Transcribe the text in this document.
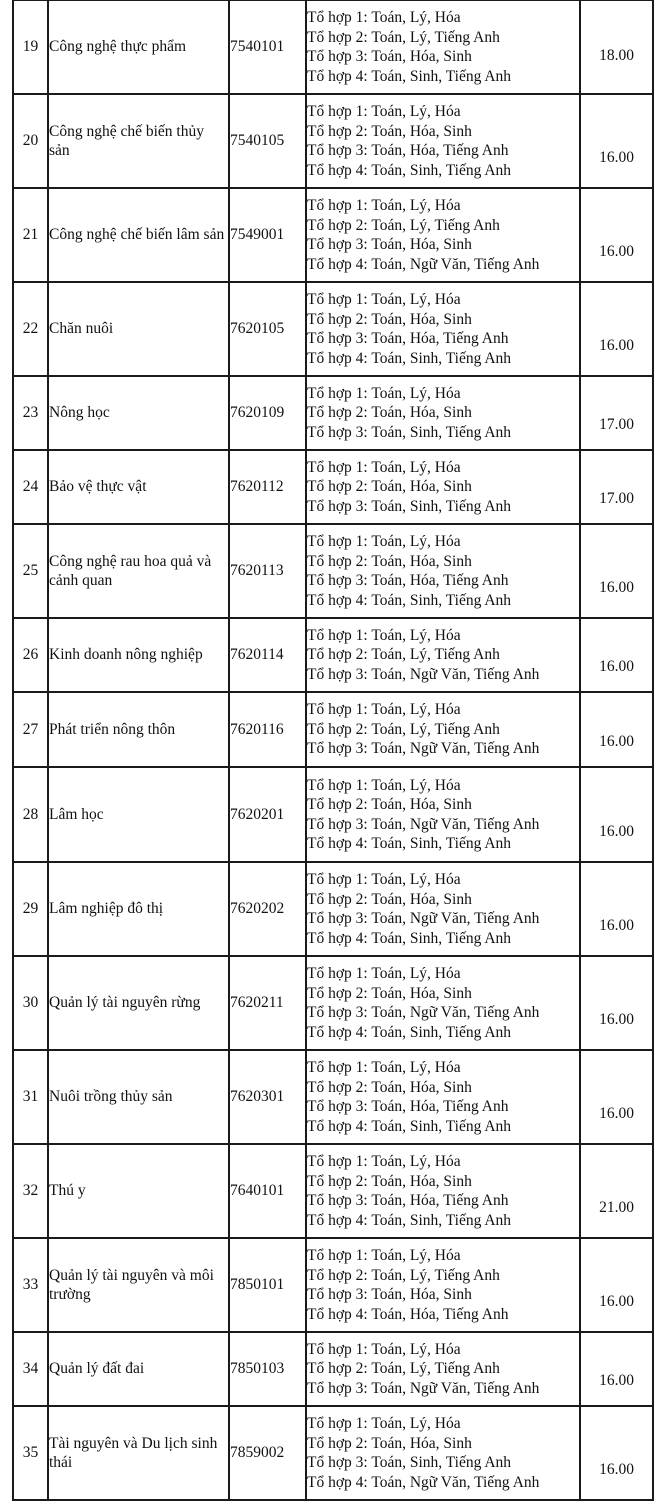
19	Công nghệ thực phẩm	7540101	Tổ hợp 1: Toán, Lý, Hóa
Tổ hợp 2: Toán, Lý, Tiếng Anh
Tổ hợp 3: Toán, Hóa, Sinh
Tổ hợp 4: Toán, Sinh, Tiếng Anh	18.00

20	Công nghệ chế biến thủy sản	7540105	Tổ hợp 1: Toán, Lý, Hóa
Tổ hợp 2: Toán, Hóa, Sinh
Tổ hợp 3: Toán, Hóa, Tiếng Anh
Tổ hợp 4: Toán, Sinh, Tiếng Anh	16.00

21	Công nghệ chế biến lâm sản	7549001	Tổ hợp 1: Toán, Lý, Hóa
Tổ hợp 2: Toán, Lý, Tiếng Anh
Tổ hợp 3: Toán, Hóa, Sinh
Tổ hợp 4: Toán, Ngữ Văn, Tiếng Anh	16.00

22	Chăn nuôi	7620105	Tổ hợp 1: Toán, Lý, Hóa
Tổ hợp 2: Toán, Hóa, Sinh
Tổ hợp 3: Toán, Hóa, Tiếng Anh
Tổ hợp 4: Toán, Sinh, Tiếng Anh	16.00

23	Nông học	7620109	Tổ hợp 1: Toán, Lý, Hóa
Tổ hợp 2: Toán, Hóa, Sinh
Tổ hợp 3: Toán, Sinh, Tiếng Anh	17.00

24	Bảo vệ thực vật	7620112	Tổ hợp 1: Toán, Lý, Hóa
Tổ hợp 2: Toán, Hóa, Sinh
Tổ hợp 3: Toán, Sinh, Tiếng Anh	17.00

25	Công nghệ rau hoa quả và cảnh quan	7620113	Tổ hợp 1: Toán, Lý, Hóa
Tổ hợp 2: Toán, Hóa, Sinh
Tổ hợp 3: Toán, Hóa, Tiếng Anh
Tổ hợp 4: Toán, Sinh, Tiếng Anh	16.00

26	Kinh doanh nông nghiệp	7620114	Tổ hợp 1: Toán, Lý, Hóa
Tổ hợp 2: Toán, Lý, Tiếng Anh
Tổ hợp 3: Toán, Ngữ Văn, Tiếng Anh	16.00

27	Phát triển nông thôn	7620116	Tổ hợp 1: Toán, Lý, Hóa
Tổ hợp 2: Toán, Lý, Tiếng Anh
Tổ hợp 3: Toán, Ngữ Văn, Tiếng Anh	16.00

28	Lâm học	7620201	Tổ hợp 1: Toán, Lý, Hóa
Tổ hợp 2: Toán, Hóa, Sinh
Tổ hợp 3: Toán, Ngữ Văn, Tiếng Anh
Tổ hợp 4: Toán, Sinh, Tiếng Anh	16.00

29	Lâm nghiệp đô thị	7620202	Tổ hợp 1: Toán, Lý, Hóa
Tổ hợp 2: Toán, Hóa, Sinh
Tổ hợp 3: Toán, Ngữ Văn, Tiếng Anh
Tổ hợp 4: Toán, Sinh, Tiếng Anh	16.00

30	Quản lý tài nguyên rừng	7620211	Tổ hợp 1: Toán, Lý, Hóa
Tổ hợp 2: Toán, Hóa, Sinh
Tổ hợp 3: Toán, Ngữ Văn, Tiếng Anh
Tổ hợp 4: Toán, Sinh, Tiếng Anh	16.00

31	Nuôi trồng thủy sản	7620301	Tổ hợp 1: Toán, Lý, Hóa
Tổ hợp 2: Toán, Hóa, Sinh
Tổ hợp 3: Toán, Hóa, Tiếng Anh
Tổ hợp 4: Toán, Sinh, Tiếng Anh	16.00

32	Thú y	7640101	Tổ hợp 1: Toán, Lý, Hóa
Tổ hợp 2: Toán, Hóa, Sinh
Tổ hợp 3: Toán, Hóa, Tiếng Anh
Tổ hợp 4: Toán, Sinh, Tiếng Anh	21.00

33	Quản lý tài nguyên và môi trường	7850101	Tổ hợp 1: Toán, Lý, Hóa
Tổ hợp 2: Toán, Lý, Tiếng Anh
Tổ hợp 3: Toán, Hóa, Sinh
Tổ hợp 4: Toán, Hóa, Tiếng Anh	16.00

34	Quản lý đất đai	7850103	Tổ hợp 1: Toán, Lý, Hóa
Tổ hợp 2: Toán, Lý, Tiếng Anh
Tổ hợp 3: Toán, Ngữ Văn, Tiếng Anh	16.00

35	Tài nguyên và Du lịch sinh thái	7859002	Tổ hợp 1: Toán, Lý, Hóa
Tổ hợp 2: Toán, Hóa, Sinh
Tổ hợp 3: Toán, Sinh, Tiếng Anh
Tổ hợp 4: Toán, Ngữ Văn, Tiếng Anh	16.00
